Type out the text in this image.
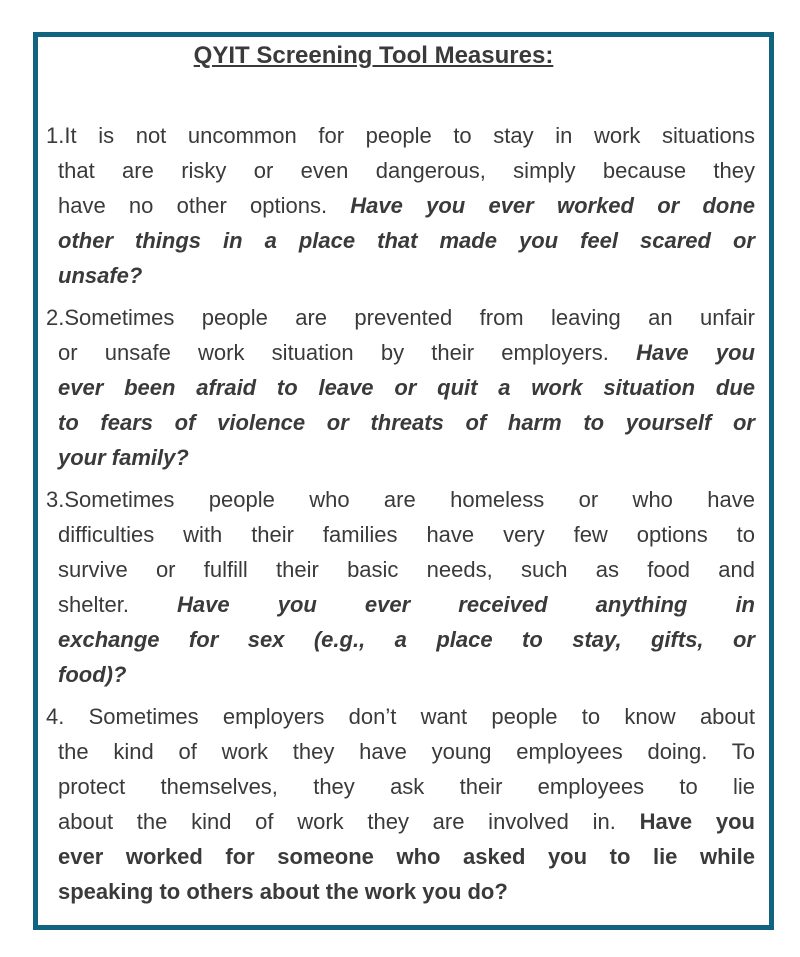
QYIT Screening Tool Measures:
1.It is not uncommon for people to stay in work situations
that are risky or even dangerous, simply because they
have no other options. Have you ever worked or done
other things in a place that made you feel scared or
unsafe?
2.Sometimes people are prevented from leaving an unfair
or unsafe work situation by their employers. Have you
ever been afraid to leave or quit a work situation due
to fears of violence or threats of harm to yourself or
your family?
3.Sometimes people who are homeless or who have
difficulties with their families have very few options to
survive or fulfill their basic needs, such as food and
shelter. Have you ever received anything in
exchange for sex (e.g., a place to stay, gifts, or
food)?
4. Sometimes employers don’t want people to know about
the kind of work they have young employees doing. To
protect themselves, they ask their employees to lie
about the kind of work they are involved in. Have you
ever worked for someone who asked you to lie while
speaking to others about the work you do?
